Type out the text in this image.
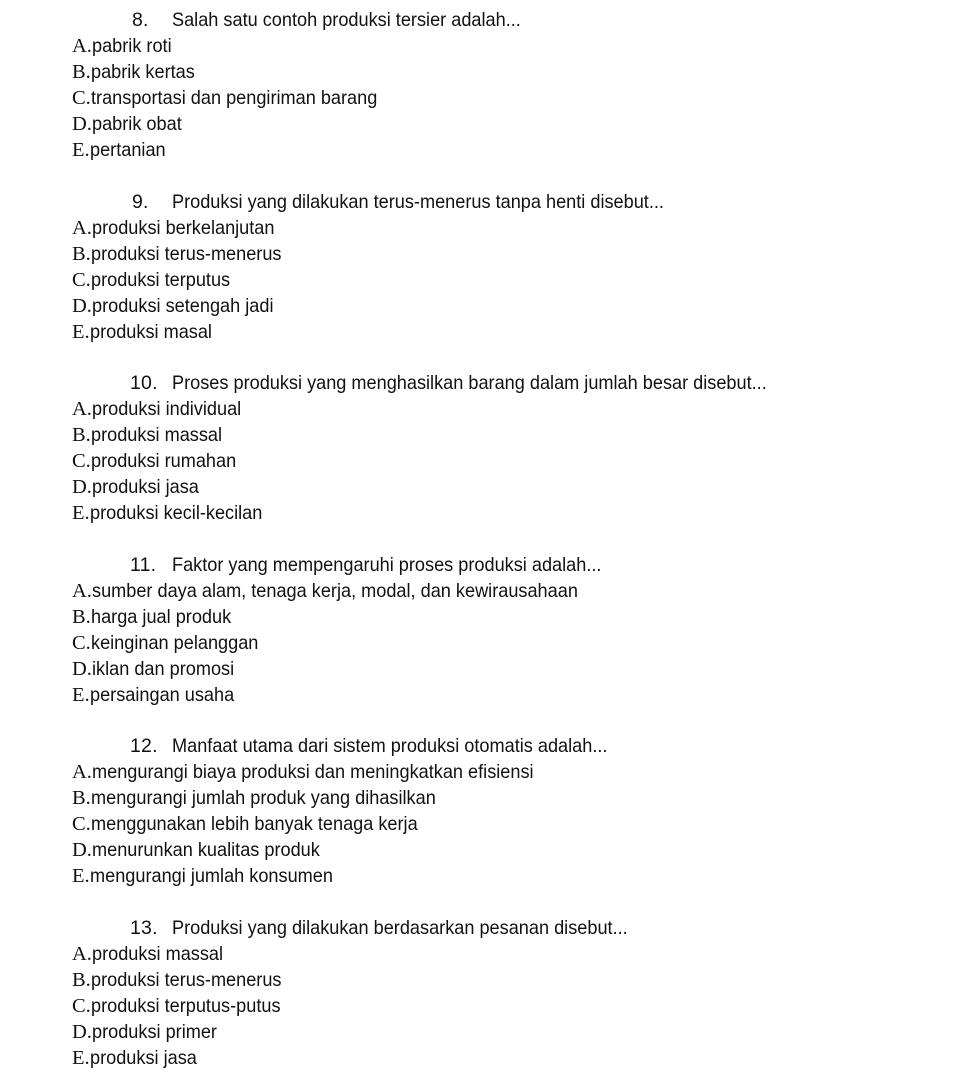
8. Salah satu contoh produksi tersier adalah...
A.pabrik roti
B.pabrik kertas
C.transportasi dan pengiriman barang
D.pabrik obat
E.pertanian
9. Produksi yang dilakukan terus-menerus tanpa henti disebut...
A.produksi berkelanjutan
B.produksi terus-menerus
C.produksi terputus
D.produksi setengah jadi
E.produksi masal
10. Proses produksi yang menghasilkan barang dalam jumlah besar disebut...
A.produksi individual
B.produksi massal
C.produksi rumahan
D.produksi jasa
E.produksi kecil-kecilan
11. Faktor yang mempengaruhi proses produksi adalah...
A.sumber daya alam, tenaga kerja, modal, dan kewirausahaan
B.harga jual produk
C.keinginan pelanggan
D.iklan dan promosi
E.persaingan usaha
12. Manfaat utama dari sistem produksi otomatis adalah...
A.mengurangi biaya produksi dan meningkatkan efisiensi
B.mengurangi jumlah produk yang dihasilkan
C.menggunakan lebih banyak tenaga kerja
D.menurunkan kualitas produk
E.mengurangi jumlah konsumen
13. Produksi yang dilakukan berdasarkan pesanan disebut...
A.produksi massal
B.produksi terus-menerus
C.produksi terputus-putus
D.produksi primer
E.produksi jasa
